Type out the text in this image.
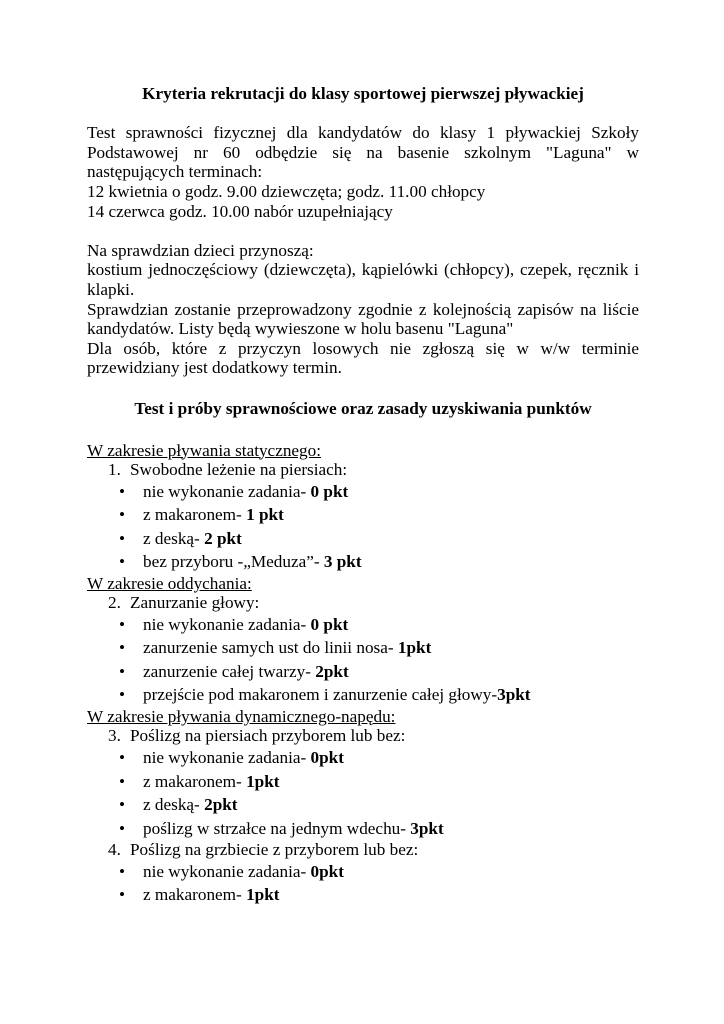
Kryteria rekrutacji do klasy sportowej pierwszej pływackiej

Test sprawności fizycznej dla kandydatów do klasy 1 pływackiej Szkoły Podstawowej nr 60 odbędzie się na basenie szkolnym "Laguna" w następujących terminach:

12 kwietnia o godz. 9.00 dziewczęta; godz. 11.00 chłopcy

14 czerwca godz. 10.00 nabór uzupełniający

Na sprawdzian dzieci przynoszą:

kostium jednoczęściowy (dziewczęta), kąpielówki (chłopcy), czepek, ręcznik i klapki.

Sprawdzian zostanie przeprowadzony zgodnie z kolejnością zapisów na liście kandydatów. Listy będą wywieszone w holu basenu "Laguna"

Dla osób, które z przyczyn losowych nie zgłoszą się w w/w terminie przewidziany jest dodatkowy termin.

Test i próby sprawnościowe oraz zasady uzyskiwania punktów

W zakresie pływania statycznego:

1. Swobodne leżenie na piersiach:

• nie wykonanie zadania- 0 pkt
• z makaronem- 1 pkt
• z deską- 2 pkt
• bez przyboru -„Meduza”- 3 pkt

W zakresie oddychania:

2. Zanurzanie głowy:

• nie wykonanie zadania- 0 pkt
• zanurzenie samych ust do linii nosa- 1pkt
• zanurzenie całej twarzy- 2pkt
• przejście pod makaronem i zanurzenie całej głowy-3pkt

W zakresie pływania dynamicznego-napędu:

3. Poślizg na piersiach przyborem lub bez:

• nie wykonanie zadania- 0pkt
• z makaronem- 1pkt
• z deską- 2pkt
• poślizg w strzałce na jednym wdechu- 3pkt

4. Poślizg na grzbiecie z przyborem lub bez:

• nie wykonanie zadania- 0pkt
• z makaronem- 1pkt
